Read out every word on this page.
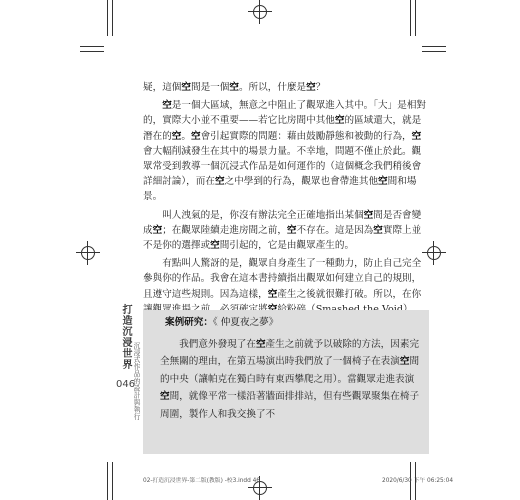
疑，這個空間是一個空。所以，什麼是空？

空是一個大區域，無意之中阻止了觀眾進入其中。「大」是相對的，實際大小並不重要——若它比房間中其他空的區域還大，就是潛在的空。空會引起實際的問題：藉由鼓勵靜態和被動的行為，空會大幅削減發生在其中的場景力量。不幸地，問題不僅止於此。觀眾常受到教導一個沉浸式作品是如何運作的（這個概念我們稍後會詳細討論），而在空之中學到的行為，觀眾也會帶進其他空間和場景。

叫人洩氣的是，你沒有辦法完全正確地指出某個空間是否會變成空；在觀眾陸續走進房間之前，空不存在。這是因為空實際上並不是你的選擇或空間引起的，它是由觀眾產生的。

有點叫人驚訝的是，觀眾自身產生了一種動力，防止自己完全參與你的作品。我會在這本書持續指出觀眾如何建立自己的規則，且遵守這些規則。因為這樣，空產生之後就很難打破。所以，在你

打造沉浸世界
沉浸式作品的設計與執行
046
案例研究：《 仲夏夜之夢》
我們意外發現了在空產生之前就予以破除的方法，因素完全無關的理由，在第五場演出時我們放了一個椅子在表演空間的中央（讓帕克在獨白時有東西攀爬之用）。當觀眾走進表演空間，就像平常一樣沿著牆面排排站，但有些觀眾聚集在椅子周圍，製作人和我交換了不
02-打造沉浸世界-第二版(教版) -校3.indd 46	2020/6/30 下午 06:25:04
